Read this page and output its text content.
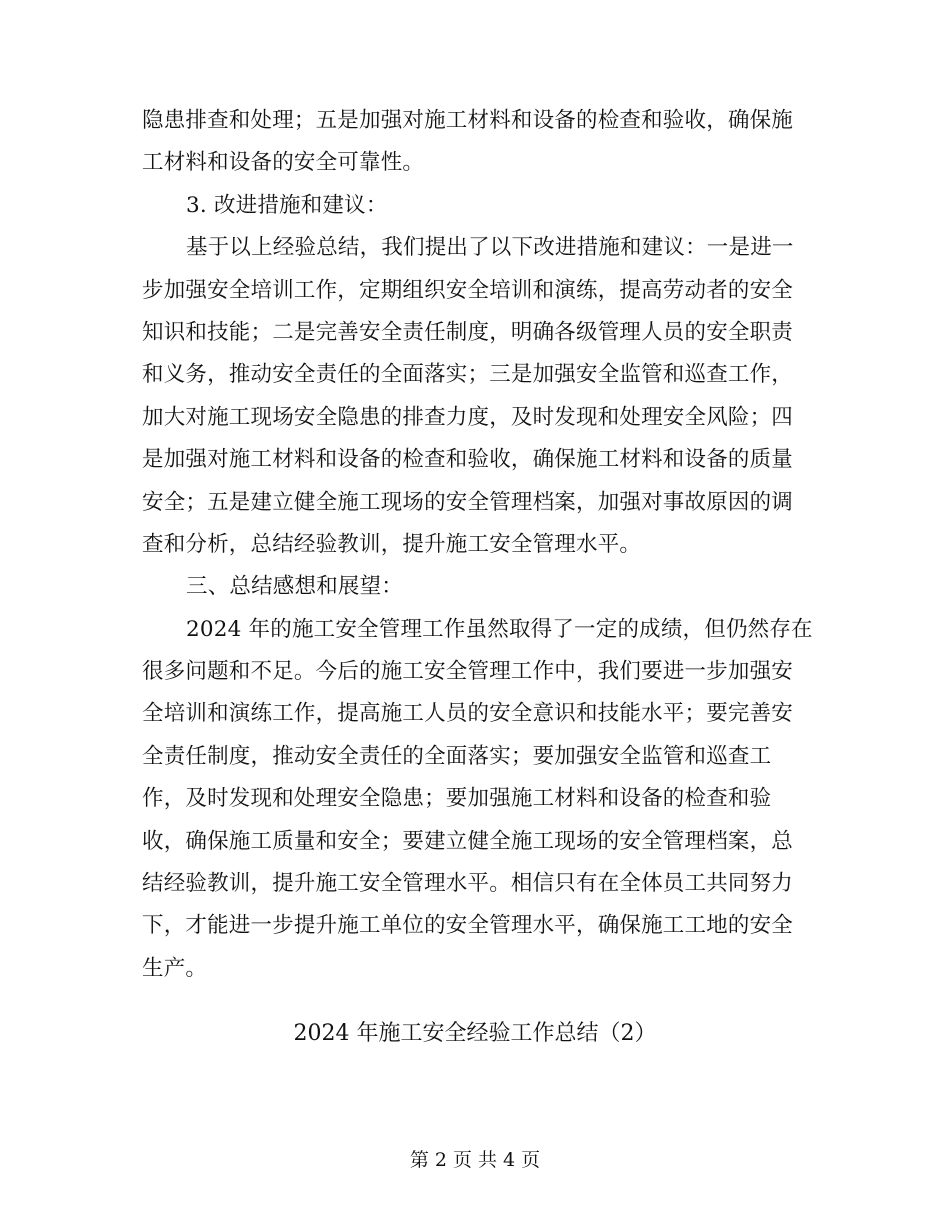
隐患排查和处理；五是加强对施工材料和设备的检查和验收，确保施
工材料和设备的安全可靠性。
3. 改进措施和建议：
基于以上经验总结，我们提出了以下改进措施和建议：一是进一
步加强安全培训工作，定期组织安全培训和演练，提高劳动者的安全
知识和技能；二是完善安全责任制度，明确各级管理人员的安全职责
和义务，推动安全责任的全面落实；三是加强安全监管和巡查工作，
加大对施工现场安全隐患的排查力度，及时发现和处理安全风险；四
是加强对施工材料和设备的检查和验收，确保施工材料和设备的质量
安全；五是建立健全施工现场的安全管理档案，加强对事故原因的调
查和分析，总结经验教训，提升施工安全管理水平。
三、总结感想和展望：
2024 年的施工安全管理工作虽然取得了一定的成绩，但仍然存在
很多问题和不足。今后的施工安全管理工作中，我们要进一步加强安
全培训和演练工作，提高施工人员的安全意识和技能水平；要完善安
全责任制度，推动安全责任的全面落实；要加强安全监管和巡查工
作，及时发现和处理安全隐患；要加强施工材料和设备的检查和验
收，确保施工质量和安全；要建立健全施工现场的安全管理档案，总
结经验教训，提升施工安全管理水平。相信只有在全体员工共同努力
下，才能进一步提升施工单位的安全管理水平，确保施工工地的安全
生产。
2024 年施工安全经验工作总结（2）
第 2 页 共 4 页
